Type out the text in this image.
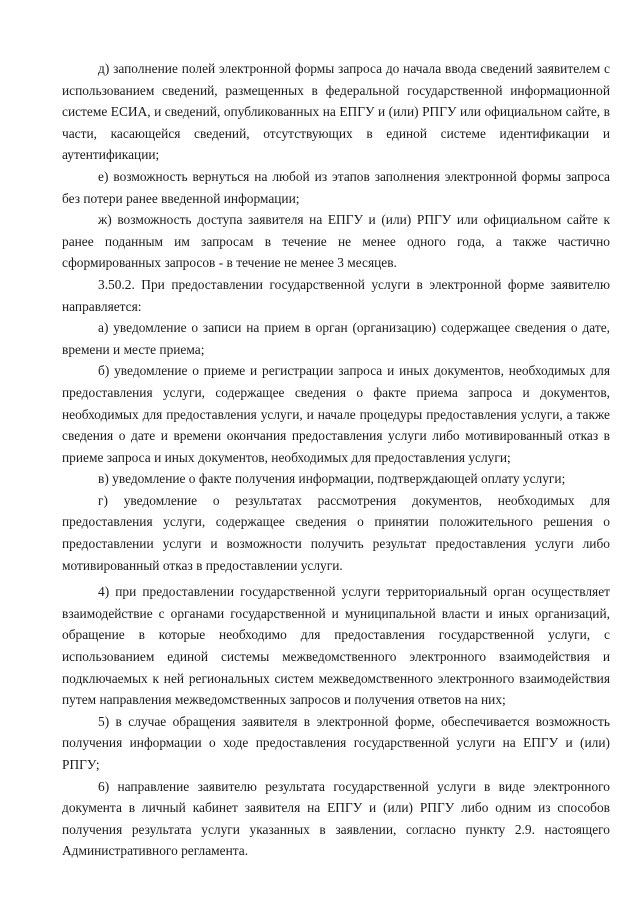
д) заполнение полей электронной формы запроса до начала ввода сведений заявителем с использованием сведений, размещенных в федеральной государственной информационной системе ЕСИА, и сведений, опубликованных на ЕПГУ и (или) РПГУ или официальном сайте, в части, касающейся сведений, отсутствующих в единой системе идентификации и аутентификации;

е) возможность вернуться на любой из этапов заполнения электронной формы запроса без потери ранее введенной информации;

ж) возможность доступа заявителя на ЕПГУ и (или) РПГУ или официальном сайте к ранее поданным им запросам в течение не менее одного года, а также частично сформированных запросов - в течение не менее 3 месяцев.

3.50.2. При предоставлении государственной услуги в электронной форме заявителю направляется:

а) уведомление о записи на прием в орган (организацию) содержащее сведения о дате, времени и месте приема;

б) уведомление о приеме и регистрации запроса и иных документов, необходимых для предоставления услуги, содержащее сведения о факте приема запроса и документов, необходимых для предоставления услуги, и начале процедуры предоставления услуги, а также сведения о дате и времени окончания предоставления услуги либо мотивированный отказ в приеме запроса и иных документов, необходимых для предоставления услуги;

в) уведомление о факте получения информации, подтверждающей оплату услуги;

г) уведомление о результатах рассмотрения документов, необходимых для предоставления услуги, содержащее сведения о принятии положительного решения о предоставлении услуги и возможности получить результат предоставления услуги либо мотивированный отказ в предоставлении услуги.

4) при предоставлении государственной услуги территориальный орган осуществляет взаимодействие с органами государственной и муниципальной власти и иных организаций, обращение в которые необходимо для предоставления государственной услуги, с использованием единой системы межведомственного электронного взаимодействия и подключаемых к ней региональных систем межведомственного электронного взаимодействия путем направления межведомственных запросов и получения ответов на них;

5) в случае обращения заявителя в электронной форме, обеспечивается возможность получения информации о ходе предоставления государственной услуги на ЕПГУ и (или) РПГУ;

6) направление заявителю результата государственной услуги в виде электронного документа в личный кабинет заявителя на ЕПГУ и (или) РПГУ либо одним из способов получения результата услуги указанных в заявлении, согласно пункту 2.9. настоящего Административного регламента.
